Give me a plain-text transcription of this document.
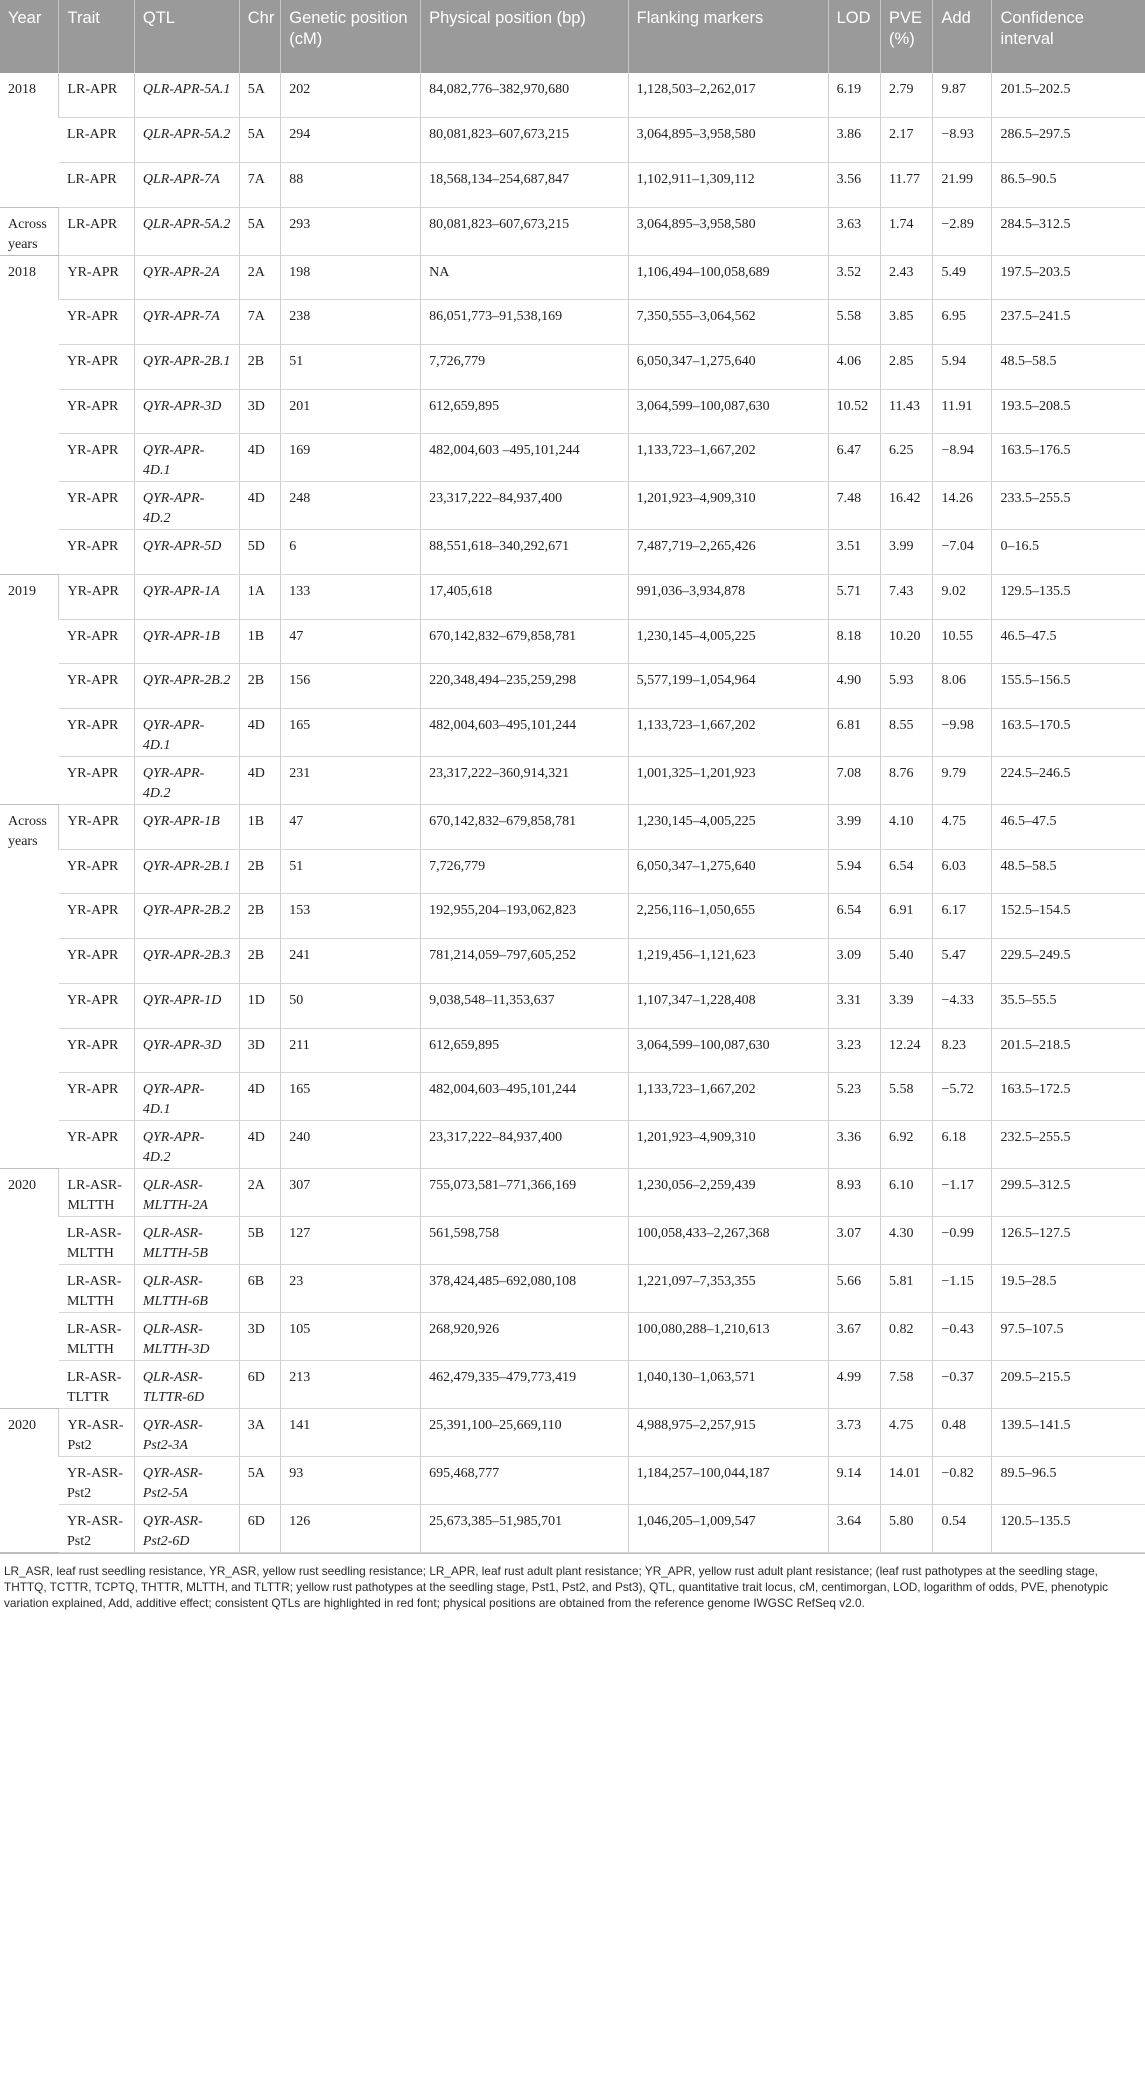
Year	Trait	QTL	Chr	Genetic position (cM)	Physical position (bp)	Flanking markers	LOD	PVE (%)	Add	Confidence interval
2018	LR-APR	QLR-APR-5A.1	5A	202	84,082,776–382,970,680	1,128,503–2,262,017	6.19	2.79	9.87	201.5–202.5
	LR-APR	QLR-APR-5A.2	5A	294	80,081,823–607,673,215	3,064,895–3,958,580	3.86	2.17	−8.93	286.5–297.5
	LR-APR	QLR-APR-7A	7A	88	18,568,134–254,687,847	1,102,911–1,309,112	3.56	11.77	21.99	86.5–90.5
Across years	LR-APR	QLR-APR-5A.2	5A	293	80,081,823–607,673,215	3,064,895–3,958,580	3.63	1.74	−2.89	284.5–312.5
2018	YR-APR	QYR-APR-2A	2A	198	NA	1,106,494–100,058,689	3.52	2.43	5.49	197.5–203.5
	YR-APR	QYR-APR-7A	7A	238	86,051,773–91,538,169	7,350,555–3,064,562	5.58	3.85	6.95	237.5–241.5
	YR-APR	QYR-APR-2B.1	2B	51	7,726,779	6,050,347–1,275,640	4.06	2.85	5.94	48.5–58.5
	YR-APR	QYR-APR-3D	3D	201	612,659,895	3,064,599–100,087,630	10.52	11.43	11.91	193.5–208.5
	YR-APR	QYR-APR-4D.1	4D	169	482,004,603 –495,101,244	1,133,723–1,667,202	6.47	6.25	−8.94	163.5–176.5
	YR-APR	QYR-APR-4D.2	4D	248	23,317,222–84,937,400	1,201,923–4,909,310	7.48	16.42	14.26	233.5–255.5
	YR-APR	QYR-APR-5D	5D	6	88,551,618–340,292,671	7,487,719–2,265,426	3.51	3.99	−7.04	0–16.5
2019	YR-APR	QYR-APR-1A	1A	133	17,405,618	991,036–3,934,878	5.71	7.43	9.02	129.5–135.5
	YR-APR	QYR-APR-1B	1B	47	670,142,832–679,858,781	1,230,145–4,005,225	8.18	10.20	10.55	46.5–47.5
	YR-APR	QYR-APR-2B.2	2B	156	220,348,494–235,259,298	5,577,199–1,054,964	4.90	5.93	8.06	155.5–156.5
	YR-APR	QYR-APR-4D.1	4D	165	482,004,603–495,101,244	1,133,723–1,667,202	6.81	8.55	−9.98	163.5–170.5
	YR-APR	QYR-APR-4D.2	4D	231	23,317,222–360,914,321	1,001,325–1,201,923	7.08	8.76	9.79	224.5–246.5
Across years	YR-APR	QYR-APR-1B	1B	47	670,142,832–679,858,781	1,230,145–4,005,225	3.99	4.10	4.75	46.5–47.5
	YR-APR	QYR-APR-2B.1	2B	51	7,726,779	6,050,347–1,275,640	5.94	6.54	6.03	48.5–58.5
	YR-APR	QYR-APR-2B.2	2B	153	192,955,204–193,062,823	2,256,116–1,050,655	6.54	6.91	6.17	152.5–154.5
	YR-APR	QYR-APR-2B.3	2B	241	781,214,059–797,605,252	1,219,456–1,121,623	3.09	5.40	5.47	229.5–249.5
	YR-APR	QYR-APR-1D	1D	50	9,038,548–11,353,637	1,107,347–1,228,408	3.31	3.39	−4.33	35.5–55.5
	YR-APR	QYR-APR-3D	3D	211	612,659,895	3,064,599–100,087,630	3.23	12.24	8.23	201.5–218.5
	YR-APR	QYR-APR-4D.1	4D	165	482,004,603–495,101,244	1,133,723–1,667,202	5.23	5.58	−5.72	163.5–172.5
	YR-APR	QYR-APR-4D.2	4D	240	23,317,222–84,937,400	1,201,923–4,909,310	3.36	6.92	6.18	232.5–255.5
2020	LR-ASR-MLTTH	QLR-ASR-MLTTH-2A	2A	307	755,073,581–771,366,169	1,230,056–2,259,439	8.93	6.10	−1.17	299.5–312.5
	LR-ASR-MLTTH	QLR-ASR-MLTTH-5B	5B	127	561,598,758	100,058,433–2,267,368	3.07	4.30	−0.99	126.5–127.5
	LR-ASR-MLTTH	QLR-ASR-MLTTH-6B	6B	23	378,424,485–692,080,108	1,221,097–7,353,355	5.66	5.81	−1.15	19.5–28.5
	LR-ASR-MLTTH	QLR-ASR-MLTTH-3D	3D	105	268,920,926	100,080,288–1,210,613	3.67	0.82	−0.43	97.5–107.5
	LR-ASR-TLTTR	QLR-ASR-TLTTR-6D	6D	213	462,479,335–479,773,419	1,040,130–1,063,571	4.99	7.58	−0.37	209.5–215.5
2020	YR-ASR-Pst2	QYR-ASR-Pst2-3A	3A	141	25,391,100–25,669,110	4,988,975–2,257,915	3.73	4.75	0.48	139.5–141.5
	YR-ASR-Pst2	QYR-ASR-Pst2-5A	5A	93	695,468,777	1,184,257–100,044,187	9.14	14.01	−0.82	89.5–96.5
	YR-ASR-Pst2	QYR-ASR-Pst2-6D	6D	126	25,673,385–51,985,701	1,046,205–1,009,547	3.64	5.80	0.54	120.5–135.5
LR_ASR, leaf rust seedling resistance, YR_ASR, yellow rust seedling resistance; LR_APR, leaf rust adult plant resistance; YR_APR, yellow rust adult plant resistance; (leaf rust pathotypes at the seedling stage, THTTQ, TCTTR, TCPTQ, THTTR, MLTTH, and TLTTR; yellow rust pathotypes at the seedling stage, Pst1, Pst2, and Pst3), QTL, quantitative trait locus, cM, centimorgan, LOD, logarithm of odds, PVE, phenotypic variation explained, Add, additive effect; consistent QTLs are highlighted in red font; physical positions are obtained from the reference genome IWGSC RefSeq v2.0.
